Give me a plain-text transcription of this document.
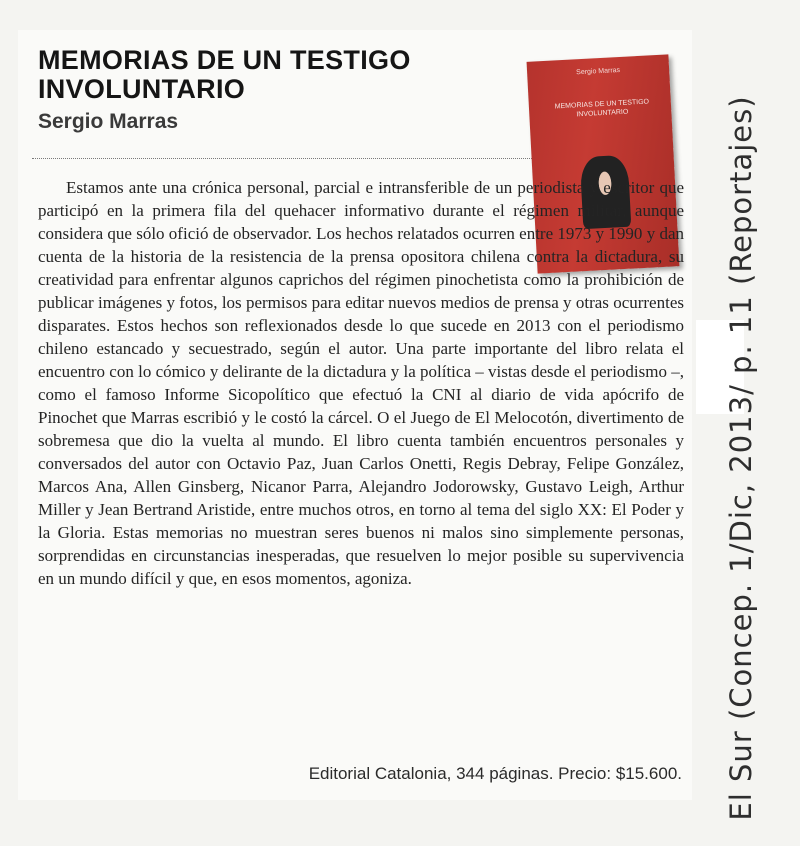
MEMORIAS DE UN TESTIGO INVOLUNTARIO

Sergio Marras

Sergio Marras
MEMORIAS DE UN TESTIGO INVOLUNTARIO

Estamos ante una crónica personal, parcial e intransferible de un periodista y escritor que participó en la primera fila del quehacer informativo durante el régimen militar, aunque considera que sólo ofició de observador. Los hechos relatados ocurren entre 1973 y 1990 y dan cuenta de la historia de la resistencia de la prensa opositora chilena contra la dictadura, su creatividad para enfrentar algunos caprichos del régimen pinochetista como la prohibición de publicar imágenes y fotos, los permisos para editar nuevos medios de prensa y otras ocurrentes disparates. Estos hechos son reflexionados desde lo que sucede en 2013 con el periodismo chileno estancado y secuestrado, según el autor. Una parte importante del libro relata el encuentro con lo cómico y delirante de la dictadura y la política – vistas desde el periodismo –, como el famoso Informe Sicopolítico que efectuó la CNI al diario de vida apócrifo de Pinochet que Marras escribió y le costó la cárcel. O el Juego de El Melocotón, divertimento de sobremesa que dio la vuelta al mundo. El libro cuenta también encuentros personales y conversados del autor con Octavio Paz, Juan Carlos Onetti, Regis Debray, Felipe González, Marcos Ana, Allen Ginsberg, Nicanor Parra, Alejandro Jodorowsky, Gustavo Leigh, Arthur Miller y Jean Bertrand Aristide, entre muchos otros, en torno al tema del siglo XX: El Poder y la Gloria. Estas memorias no muestran seres buenos ni malos sino simplemente personas, sorprendidas en circunstancias inesperadas, que resuelven lo mejor posible su supervivencia en un mundo difícil y que, en esos momentos, agoniza.

Editorial Catalonia, 344 páginas. Precio: $15.600. El Sur (Concep. 1/Dic, 2013/ p. 11 (Reportajes)
